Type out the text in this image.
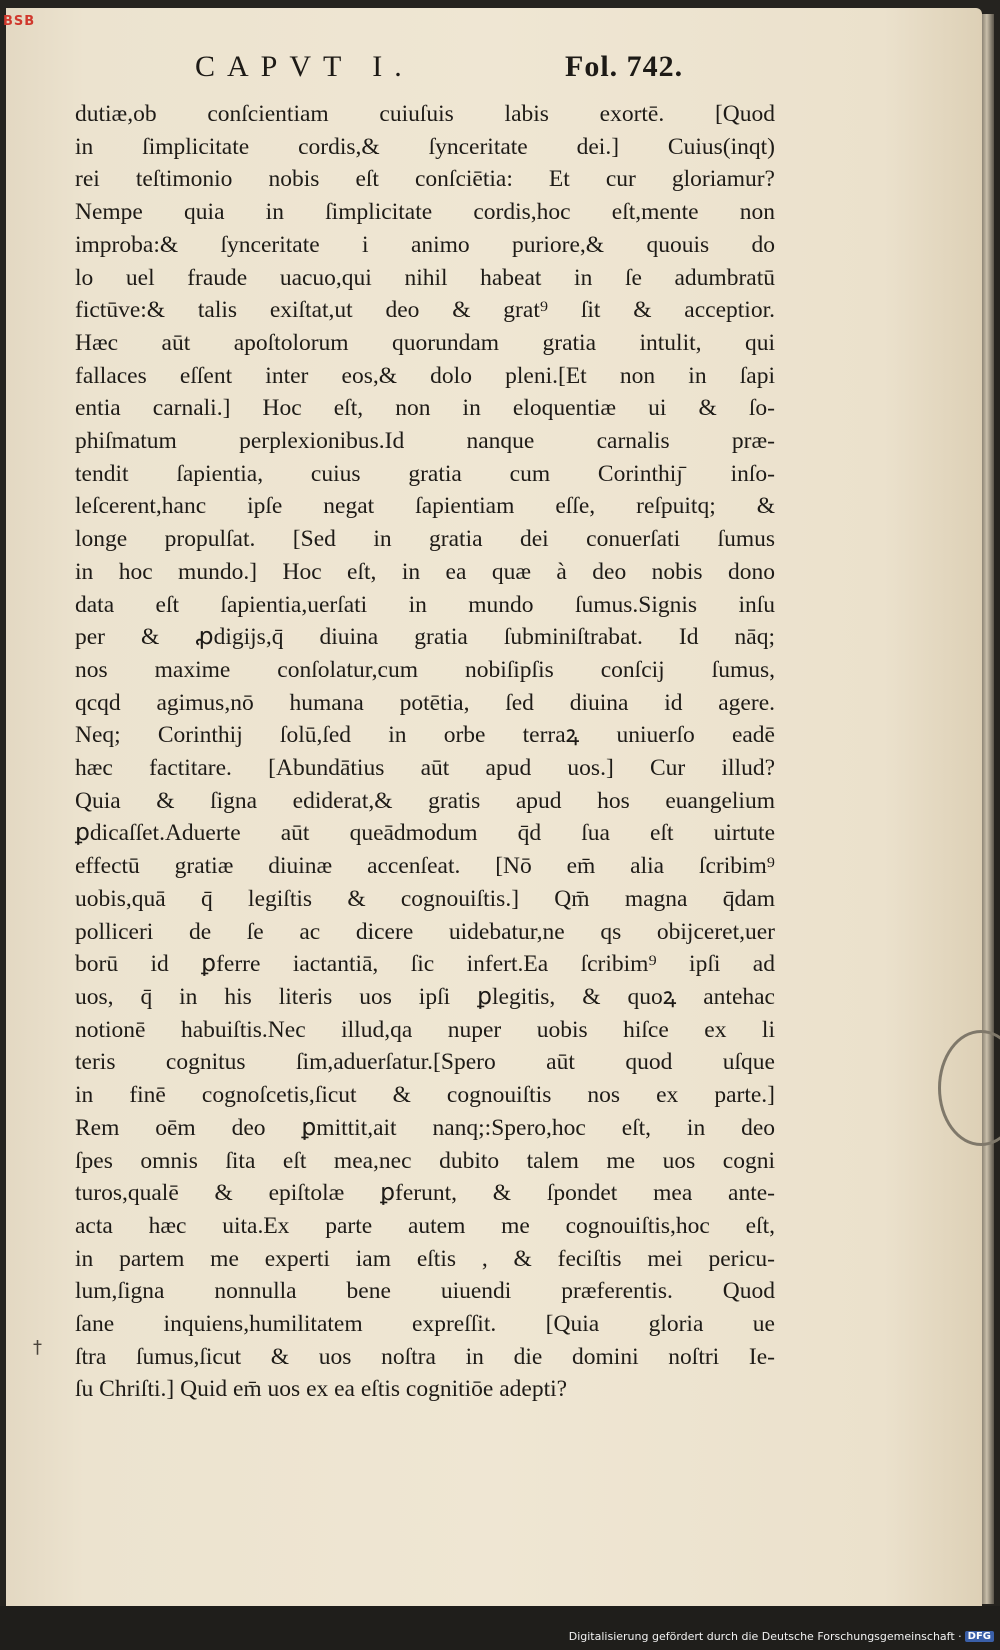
BSB
CAPVT I.	Fol. 742.
dutiæ,ob conſcientiam cuiuſuis labis exortē. [Quod
in ſimplicitate cordis,& ſynceritate dei.] Cuius(inqt)
rei teſtimonio nobis eſt conſciētia: Et cur gloriamur?
Nempe quia in ſimplicitate cordis,hoc eſt,mente non
improba:& ſynceritate i animo puriore,& quouis do
lo uel fraude uacuo,qui nihil habeat in ſe adumbratū
fictūve:& talis exiſtat,ut deo & grat⁹ ſit & acceptior.
Hæc aūt apoſtolorum quorundam gratia intulit, qui
fallaces eſſent inter eos,& dolo pleni.[Et non in ſapi
entia carnali.] Hoc eſt, non in eloquentiæ ui & ſo-
phiſmatum perplexionibus.Id nanque carnalis præ-
tendit ſapientia, cuius gratia cum Corinthiȷ̄ inſo-
leſcerent,hanc ipſe negat ſapientiam eſſe, reſpuitq; &
longe propulſat. [Sed in gratia dei conuerſati ſumus
in hoc mundo.] Hoc eſt, in ea quæ à deo nobis dono
data eſt ſapientia,uerſati in mundo ſumus.Signis inſu
per & ꝓdigijs,q̄ diuina gratia ſubminiſtrabat. Id nāq;
nos maxime conſolatur,cum nobiſipſis conſcij ſumus,
qcqd agimus,nō humana potētia, ſed diuina id agere.
Neq; Corinthij ſolū,ſed in orbe terraꝝ uniuerſo eadē
hæc factitare. [Abundātius aūt apud uos.] Cur illud?
Quia & ſigna ediderat,& gratis apud hos euangelium
ꝑdicaſſet.Aduerte aūt queādmodum q̄d ſua eſt uirtute
effectū gratiæ diuinæ accenſeat. [Nō em̄ alia ſcribim⁹
uobis,quā q̄ legiſtis & cognouiſtis.] Qm̄ magna q̄dam
polliceri de ſe ac dicere uidebatur,ne qs obijceret,uer
borū id ꝑferre iactantiā, ſic infert.Ea ſcribim⁹ ipſi ad
uos, q̄ in his literis uos ipſi ꝑlegitis, & quoꝝ antehac
notionē habuiſtis.Nec illud,qa nuper uobis hiſce ex li
teris cognitus ſim,aduerſatur.[Spero aūt quod uſque
in finē cognoſcetis,ſicut & cognouiſtis nos ex parte.]
Rem oēm deo ꝑmittit,ait nanq;:Spero,hoc eſt, in deo
ſpes omnis ſita eſt mea,nec dubito talem me uos cogni
turos,qualē & epiſtolæ ꝑferunt, & ſpondet mea ante-
acta hæc uita.Ex parte autem me cognouiſtis,hoc eſt,
in partem me experti iam eſtis , & feciſtis mei pericu-
lum,ſigna nonnulla bene uiuendi præferentis. Quod
ſane inquiens,humilitatem expreſſit. [Quia gloria ue
ſtra ſumus,ſicut & uos noſtra in die domini noſtri Ie-
ſu Chriſti.] Quid em̄ uos ex ea eſtis cognitiōe adepti?
†
Digitalisierung gefördert durch die Deutsche Forschungsgemeinschaft · DFG
